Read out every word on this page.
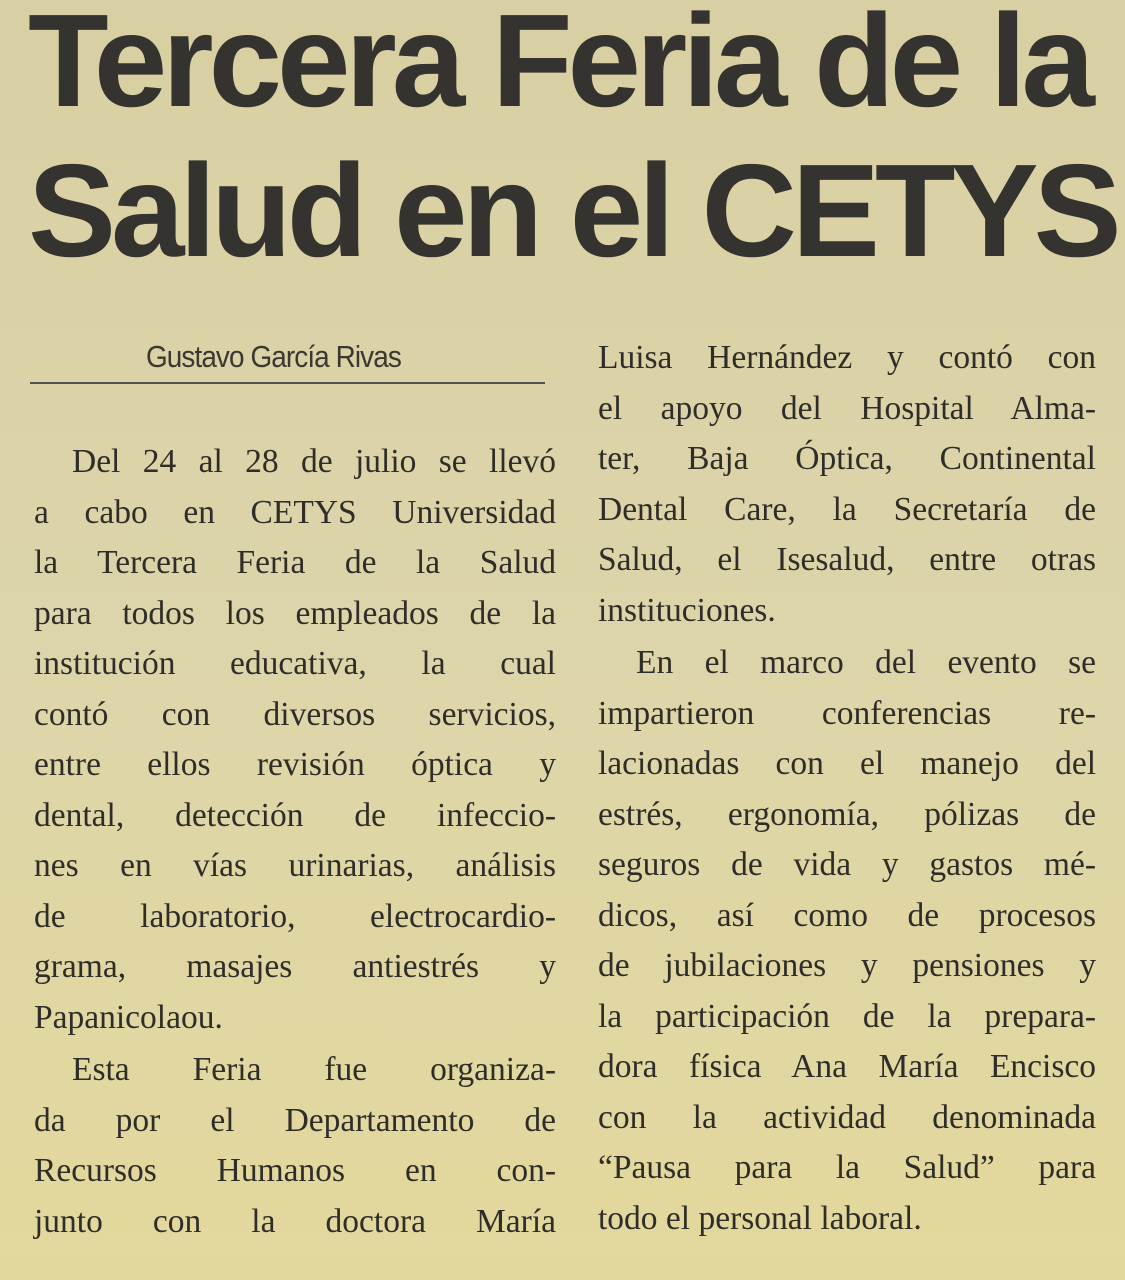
Tercera Feria de la
Salud en el CETYS
Gustavo García Rivas
Del 24 al 28 de julio se llevó
a cabo en CETYS Universidad
la Tercera Feria de la Salud
para todos los empleados de la
institución educativa, la cual
contó con diversos servicios,
entre ellos revisión óptica y
dental, detección de infeccio-
nes en vías urinarias, análisis
de laboratorio, electrocardio-
grama, masajes antiestrés y
Papanicolaou.
Esta Feria fue organiza-
da por el Departamento de
Recursos Humanos en con-
junto con la doctora María
Luisa Hernández y contó con
el apoyo del Hospital Alma-
ter, Baja Óptica, Continental
Dental Care, la Secretaría de
Salud, el Isesalud, entre otras
instituciones.
En el marco del evento se
impartieron conferencias re-
lacionadas con el manejo del
estrés, ergonomía, pólizas de
seguros de vida y gastos mé-
dicos, así como de procesos
de jubilaciones y pensiones y
la participación de la prepara-
dora física Ana María Encisco
con la actividad denominada
“Pausa para la Salud” para
todo el personal laboral.
